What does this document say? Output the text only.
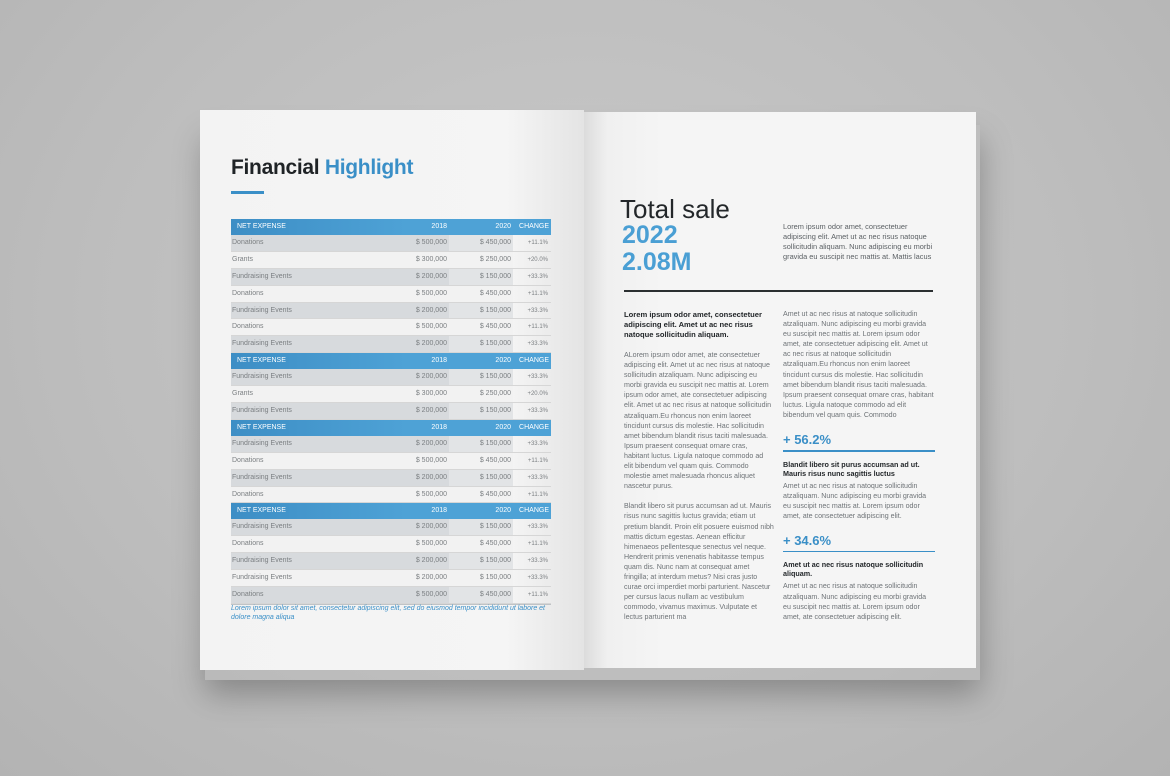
Financial Highlight
NET EXPENSE	2018	2020	CHANGE
Donations	$ 500,000	$ 450,000	+11.1%
Grants	$ 300,000	$ 250,000	+20.0%
Fundraising Events	$ 200,000	$ 150,000	+33.3%
Donations	$ 500,000	$ 450,000	+11.1%
Fundraising Events	$ 200,000	$ 150,000	+33.3%
Donations	$ 500,000	$ 450,000	+11.1%
Fundraising Events	$ 200,000	$ 150,000	+33.3%
NET EXPENSE	2018	2020	CHANGE
Fundraising Events	$ 200,000	$ 150,000	+33.3%
Grants	$ 300,000	$ 250,000	+20.0%
Fundraising Events	$ 200,000	$ 150,000	+33.3%
NET EXPENSE	2018	2020	CHANGE
Fundraising Events	$ 200,000	$ 150,000	+33.3%
Donations	$ 500,000	$ 450,000	+11.1%
Fundraising Events	$ 200,000	$ 150,000	+33.3%
Donations	$ 500,000	$ 450,000	+11.1%
NET EXPENSE	2018	2020	CHANGE
Fundraising Events	$ 200,000	$ 150,000	+33.3%
Donations	$ 500,000	$ 450,000	+11.1%
Fundraising Events	$ 200,000	$ 150,000	+33.3%
Fundraising Events	$ 200,000	$ 150,000	+33.3%
Donations	$ 500,000	$ 450,000	+11.1%
Lorem ipsum dolor sit amet, consectetur adipiscing elit, sed do eiusmod tempor incididunt ut labore et dolore magna aliqua
Total sale
2022
2.08M
Lorem ipsum odor amet, consectetuer adipiscing elit. Amet ut ac nec risus natoque sollicitudin aliquam. Nunc adipiscing eu morbi gravida eu suscipit nec mattis at. Mattis lacus
Lorem ipsum odor amet, consectetuer adipiscing elit. Amet ut ac nec risus natoque sollicitudin aliquam.
ALorem ipsum odor amet, ate consectetuer adipiscing elit. Amet ut ac nec risus at natoque sollicitudin atzaliquam. Nunc adipiscing eu morbi gravida eu suscipit nec mattis at. Lorem ipsum odor amet, ate consectetuer adipiscing elit. Amet ut ac nec risus at natoque sollicitudin atzaliquam.Eu rhoncus non enim laoreet tincidunt cursus dis molestie. Hac sollicitudin amet bibendum blandit risus taciti malesuada. Ipsum praesent consequat ornare cras, habitant luctus. Ligula natoque commodo ad elit bibendum vel quam quis. Commodo molestie amet malesuada rhoncus aliquet nascetur purus.
Blandit libero sit purus accumsan ad ut. Mauris risus nunc sagittis luctus gravida; etiam ut pretium blandit. Proin elit posuere euismod nibh mattis dictum egestas. Aenean efficitur himenaeos pellentesque senectus vel neque. Hendrerit primis venenatis habitasse tempus quam dis. Nunc nam at consequat amet fringilla; at interdum metus? Nisi cras justo curae orci imperdiet morbi parturient. Nascetur per cursus lacus nullam ac vestibulum commodo, vivamus maximus. Vulputate et lectus parturient ma
Amet ut ac nec risus at natoque sollicitudin atzaliquam. Nunc adipiscing eu morbi gravida eu suscipit nec mattis at. Lorem ipsum odor amet, ate consectetuer adipiscing elit. Amet ut ac nec risus at natoque sollicitudin atzaliquam.Eu rhoncus non enim laoreet tincidunt cursus dis molestie. Hac sollicitudin amet bibendum blandit risus taciti malesuada. Ipsum praesent consequat ornare cras, habitant luctus. Ligula natoque commodo ad elit bibendum vel quam quis. Commodo
+ 56.2%
Blandit libero sit purus accumsan ad ut. Mauris risus nunc sagittis luctus
Amet ut ac nec risus at natoque sollicitudin atzaliquam. Nunc adipiscing eu morbi gravida eu suscipit nec mattis at. Lorem ipsum odor amet, ate consectetuer adipiscing elit.
+ 34.6%
Amet ut ac nec risus natoque sollicitudin aliquam.
Amet ut ac nec risus at natoque sollicitudin atzaliquam. Nunc adipiscing eu morbi gravida eu suscipit nec mattis at. Lorem ipsum odor amet, ate consectetuer adipiscing elit.
